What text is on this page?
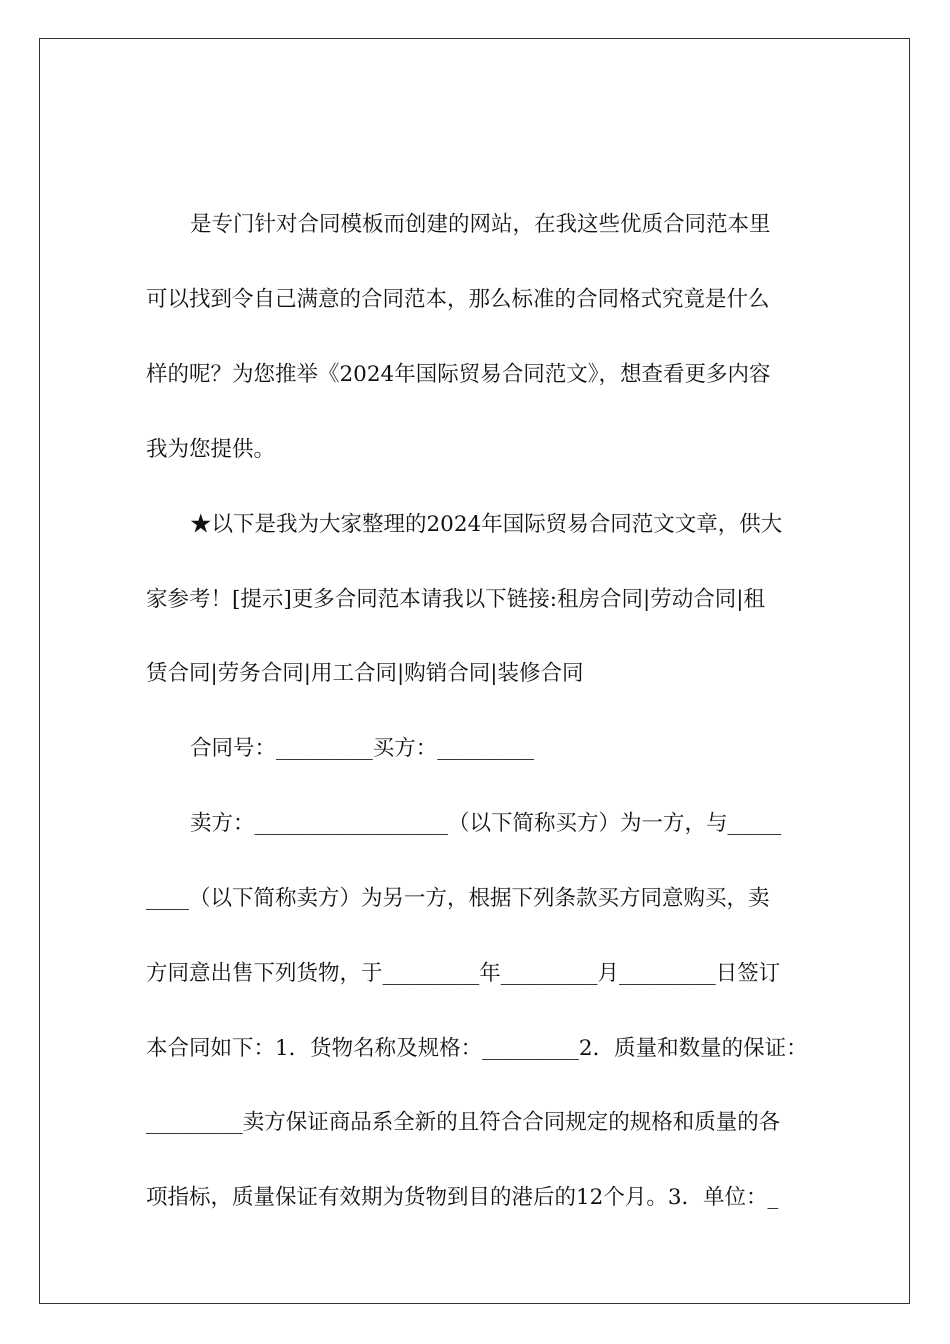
是专门针对合同模板而创建的网站，在我这些优质合同范本里
可以找到令自己满意的合同范本，那么标准的合同格式究竟是什么
样的呢？为您推举《2024年国际贸易合同范文》，想查看更多内容
我为您提供。
★以下是我为大家整理的2024年国际贸易合同范文文章，供大
家参考！[提示]更多合同范本请我以下链接:租房合同|劳动合同|租
赁合同|劳务合同|用工合同|购销合同|装修合同
合同号：_________买方：_________
卖方：__________________（以下简称买方）为一方，与_____
____（以下简称卖方）为另一方，根据下列条款买方同意购买，卖
方同意出售下列货物，于_________年_________月_________日签订
本合同如下：1．货物名称及规格：_________2．质量和数量的保证：
_________卖方保证商品系全新的且符合合同规定的规格和质量的各
项指标，质量保证有效期为货物到目的港后的12个月。3．单位：_
